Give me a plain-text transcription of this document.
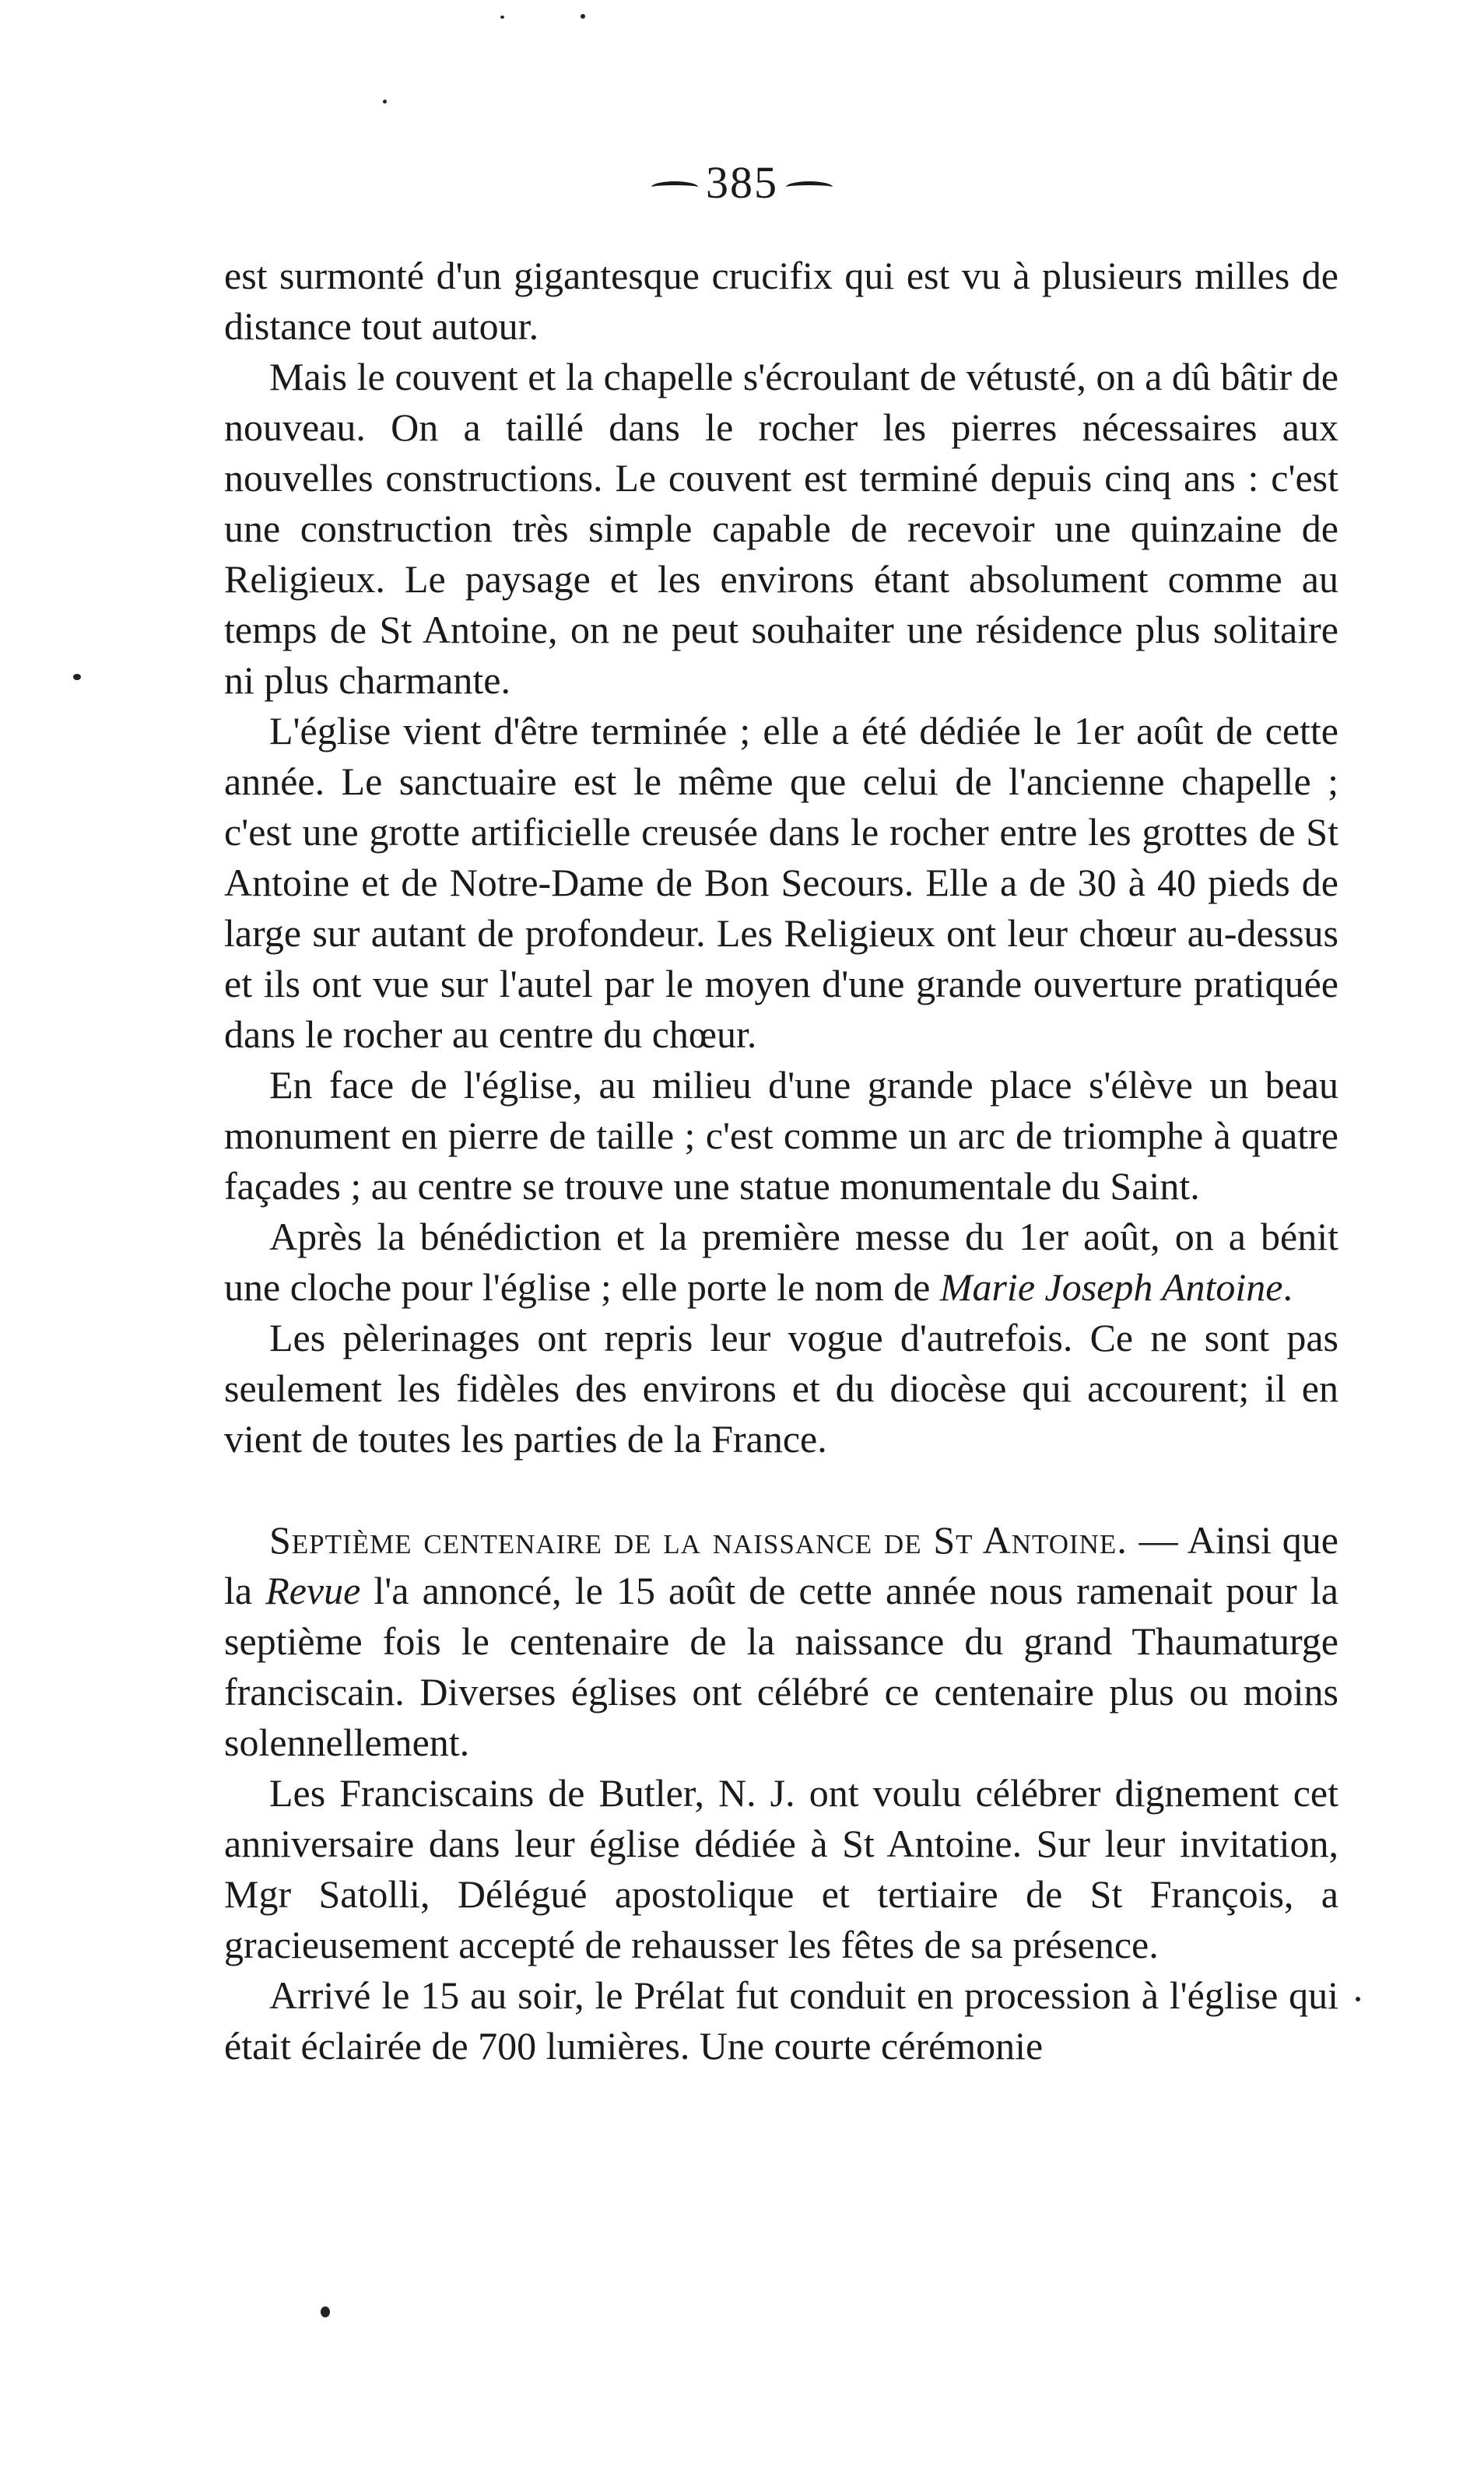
385

est surmonté d'un gigantesque crucifix qui est vu à plusieurs milles de distance tout autour.

Mais le couvent et la chapelle s'écroulant de vétusté, on a dû bâtir de nouveau. On a taillé dans le rocher les pierres nécessaires aux nouvelles constructions. Le couvent est terminé depuis cinq ans : c'est une construction très simple capable de recevoir une quinzaine de Religieux. Le paysage et les environs étant absolument comme au temps de St Antoine, on ne peut souhaiter une résidence plus solitaire ni plus charmante.

L'église vient d'être terminée ; elle a été dédiée le 1er août de cette année. Le sanctuaire est le même que celui de l'ancienne chapelle ; c'est une grotte artificielle creusée dans le rocher entre les grottes de St Antoine et de Notre-Dame de Bon Secours. Elle a de 30 à 40 pieds de large sur autant de profondeur. Les Religieux ont leur chœur au-dessus et ils ont vue sur l'autel par le moyen d'une grande ouverture pratiquée dans le rocher au centre du chœur.

En face de l'église, au milieu d'une grande place s'élève un beau monument en pierre de taille ; c'est comme un arc de triomphe à quatre façades ; au centre se trouve une statue monumentale du Saint.

Après la bénédiction et la première messe du 1er août, on a bénit une cloche pour l'église ; elle porte le nom de Marie Joseph Antoine.

Les pèlerinages ont repris leur vogue d'autrefois. Ce ne sont pas seulement les fidèles des environs et du diocèse qui accourent; il en vient de toutes les parties de la France.

Septième centenaire de la naissance de St Antoine. — Ainsi que la Revue l'a annoncé, le 15 août de cette année nous ramenait pour la septième fois le centenaire de la naissance du grand Thaumaturge franciscain. Diverses églises ont célébré ce centenaire plus ou moins solennellement.

Les Franciscains de Butler, N. J. ont voulu célébrer dignement cet anniversaire dans leur église dédiée à St Antoine. Sur leur invitation, Mgr Satolli, Délégué apostolique et tertiaire de St François, a gracieusement accepté de rehausser les fêtes de sa présence.

Arrivé le 15 au soir, le Prélat fut conduit en procession à l'église qui était éclairée de 700 lumières. Une courte cérémonie
